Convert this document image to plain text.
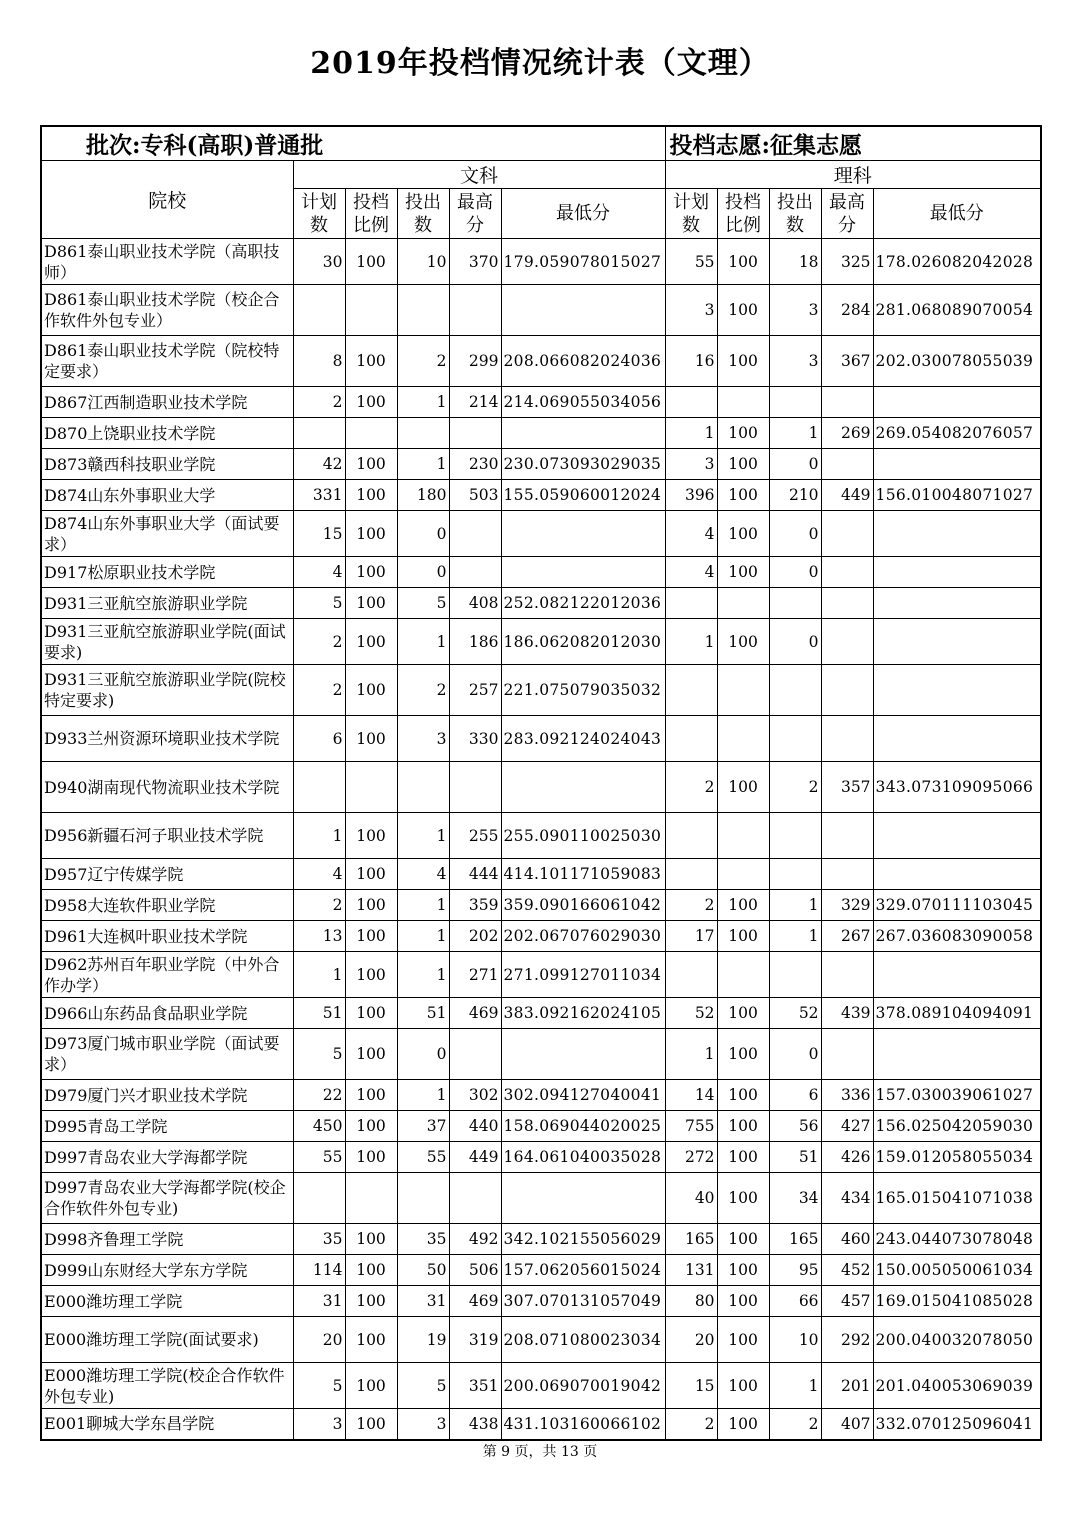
2019年投档情况统计表（文理）
批次:专科(高职)普通批						投档志愿:征集志愿				
院校	文科					理科				
	计划数	投档比例	投出数	最高分	最低分	计划数	投档比例	投出数	最高分	最低分
D861泰山职业技术学院（高职技师）	30	100	10	370	179.059078015027	55	100	18	325	178.026082042028
D861泰山职业技术学院（校企合作软件外包专业）						3	100	3	284	281.068089070054
D861泰山职业技术学院（院校特定要求）	8	100	2	299	208.066082024036	16	100	3	367	202.030078055039
D867江西制造职业技术学院	2	100	1	214	214.069055034056					
D870上饶职业技术学院						1	100	1	269	269.054082076057
D873赣西科技职业学院	42	100	1	230	230.073093029035	3	100	0		
D874山东外事职业大学	331	100	180	503	155.059060012024	396	100	210	449	156.010048071027
D874山东外事职业大学（面试要求）	15	100	0			4	100	0		
D917松原职业技术学院	4	100	0			4	100	0		
D931三亚航空旅游职业学院	5	100	5	408	252.082122012036					
D931三亚航空旅游职业学院(面试要求)	2	100	1	186	186.062082012030	1	100	0		
D931三亚航空旅游职业学院(院校特定要求)	2	100	2	257	221.075079035032					
D933兰州资源环境职业技术学院	6	100	3	330	283.092124024043					
D940湖南现代物流职业技术学院						2	100	2	357	343.073109095066
D956新疆石河子职业技术学院	1	100	1	255	255.090110025030					
D957辽宁传媒学院	4	100	4	444	414.101171059083					
D958大连软件职业学院	2	100	1	359	359.090166061042	2	100	1	329	329.070111103045
D961大连枫叶职业技术学院	13	100	1	202	202.067076029030	17	100	1	267	267.036083090058
D962苏州百年职业学院（中外合作办学）	1	100	1	271	271.099127011034					
D966山东药品食品职业学院	51	100	51	469	383.092162024105	52	100	52	439	378.089104094091
D973厦门城市职业学院（面试要求）	5	100	0			1	100	0		
D979厦门兴才职业技术学院	22	100	1	302	302.094127040041	14	100	6	336	157.030039061027
D995青岛工学院	450	100	37	440	158.069044020025	755	100	56	427	156.025042059030
D997青岛农业大学海都学院	55	100	55	449	164.061040035028	272	100	51	426	159.012058055034
D997青岛农业大学海都学院(校企合作软件外包专业)						40	100	34	434	165.015041071038
D998齐鲁理工学院	35	100	35	492	342.102155056029	165	100	165	460	243.044073078048
D999山东财经大学东方学院	114	100	50	506	157.062056015024	131	100	95	452	150.005050061034
E000潍坊理工学院	31	100	31	469	307.070131057049	80	100	66	457	169.015041085028
E000潍坊理工学院(面试要求)	20	100	19	319	208.071080023034	20	100	10	292	200.040032078050
E000潍坊理工学院(校企合作软件外包专业)	5	100	5	351	200.069070019042	15	100	1	201	201.040053069039
E001聊城大学东昌学院	3	100	3	438	431.103160066102	2	100	2	407	332.070125096041
第 9 页，共 13 页
